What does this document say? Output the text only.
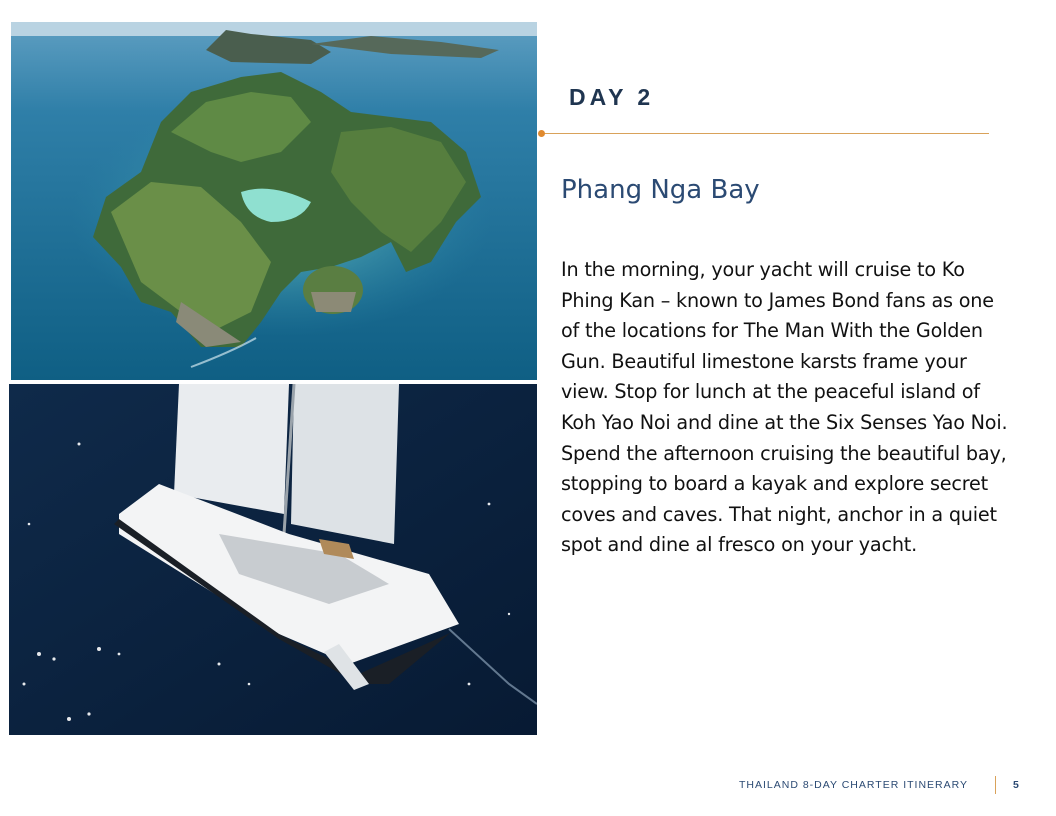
DAY 2
Phang Nga Bay
In the morning, your yacht will cruise to Ko Phing Kan – known to James Bond fans as one of the locations for The Man With the Golden Gun. Beautiful limestone karsts frame your view. Stop for lunch at the peaceful island of Koh Yao Noi and dine at the Six Senses Yao Noi. Spend the afternoon cruising the beautiful bay, stopping to board a kayak and explore secret coves and caves. That night, anchor in a quiet spot and dine al fresco on your yacht.
THAILAND 8-DAY CHARTER ITINERARY	5
